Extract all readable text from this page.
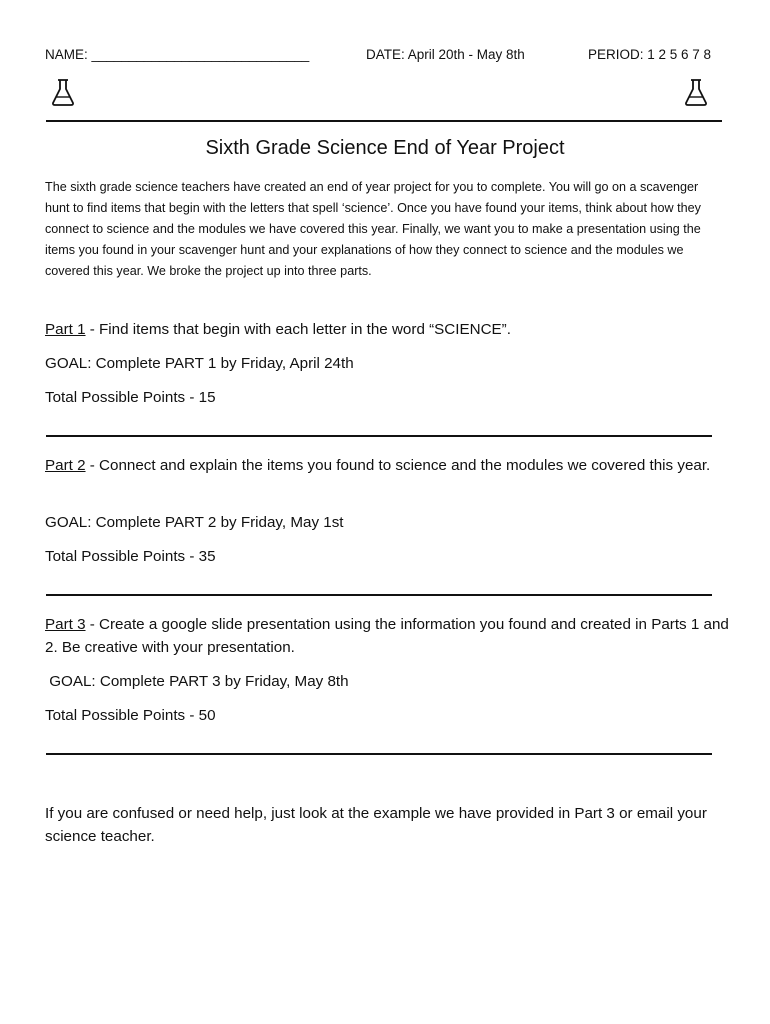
NAME: _____________________________	DATE: April 20th - May 8th	PERIOD: 1 2 5 6 7 8
Sixth Grade Science End of Year Project
The sixth grade science teachers have created an end of year project for you to complete. You will go on a scavenger hunt to find items that begin with the letters that spell ‘science’. Once you have found your items, think about how they connect to science and the modules we have covered this year. Finally, we want you to make a presentation using the items you found in your scavenger hunt and your explanations of how they connect to science and the modules we covered this year. We broke the project up into three parts.
Part 1 - Find items that begin with each letter in the word “SCIENCE”.
GOAL: Complete PART 1 by Friday, April 24th
Total Possible Points - 15
Part 2 - Connect and explain the items you found to science and the modules we covered this year.
GOAL: Complete PART 2 by Friday, May 1st
Total Possible Points - 35
Part 3 - Create a google slide presentation using the information you found and created in Parts 1 and 2. Be creative with your presentation.
GOAL: Complete PART 3 by Friday, May 8th
Total Possible Points - 50
If you are confused or need help, just look at the example we have provided in Part 3 or email your science teacher.
